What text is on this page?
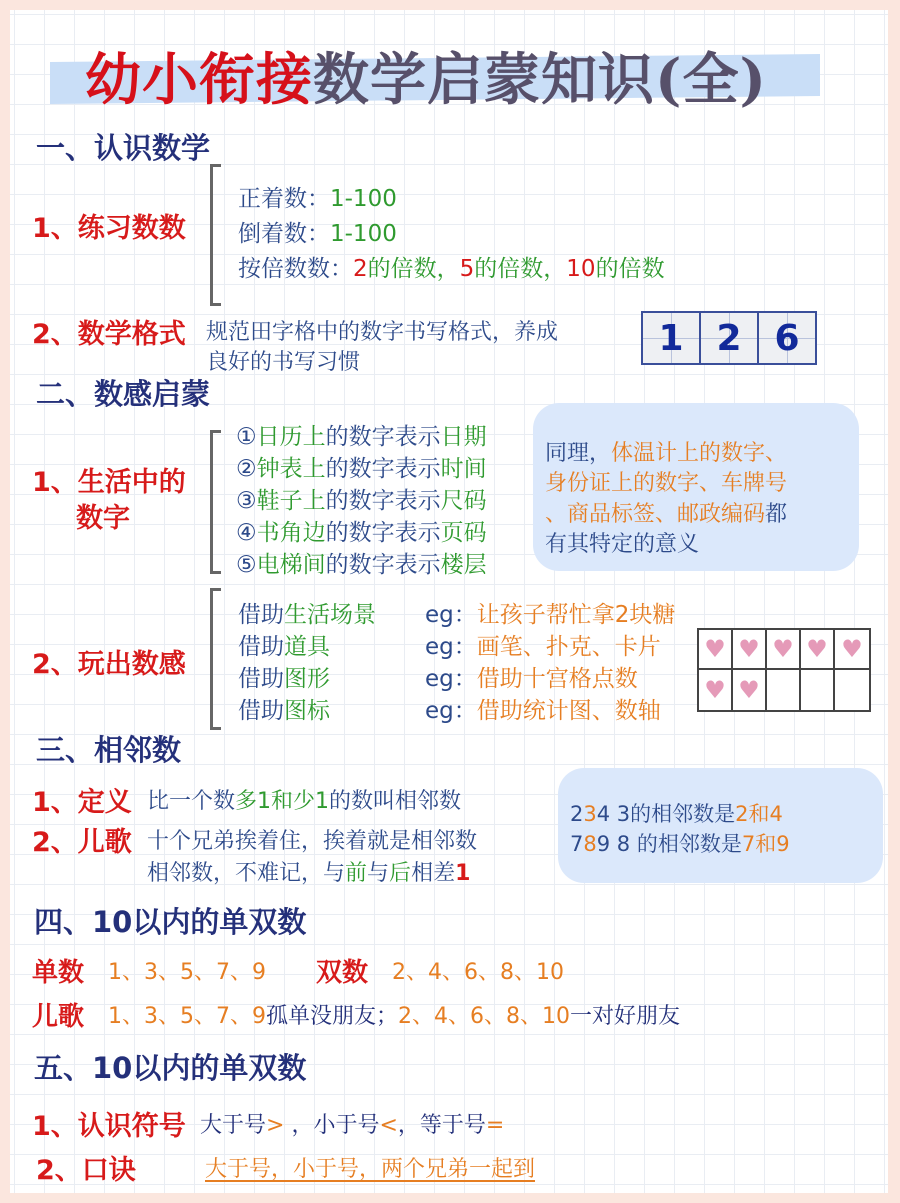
幼小衔接数学启蒙知识(全)
一、认识数学
1、练习数数
正着数：1-100
倒着数：1-100
按倍数数：2的倍数，5的倍数，10的倍数
2、数学格式 规范田字格中的数字书写格式，养成
良好的书写习惯
1 2 6
二、数感启蒙
1、生活中的
数字
①日历上的数字表示日期
②钟表上的数字表示时间
③鞋子上的数字表示尺码
④书角边的数字表示页码
⑤电梯间的数字表示楼层
同理，体温计上的数字、
身份证上的数字、车牌号
、商品标签、邮政编码都
有其特定的意义
2、玩出数感
借助生活场景 eg：让孩子帮忙拿2块糖
借助道具	eg：画笔、扑克、卡片
借助图形	eg：借助十宫格点数
借助图标	eg：借助统计图、数轴
♥ ♥ ♥ ♥ ♥
♥ ♥
三、相邻数
1、定义 比一个数多1和少1的数叫相邻数
2、儿歌 十个兄弟挨着住，挨着就是相邻数
相邻数，不难记，与前与后相差1
234 3的相邻数是2和4
789 8 的相邻数是7和9
四、10以内的单双数
单数 1、3、5、7、9 双数 2、4、6、8、10
儿歌 1、3、5、7、9孤单没朋友；2、4、6、8、10一对好朋友
五、10以内的单双数
1、认识符号 大于号> ，小于号<，等于号=
2、口诀	大于号，小于号，两个兄弟一起到
